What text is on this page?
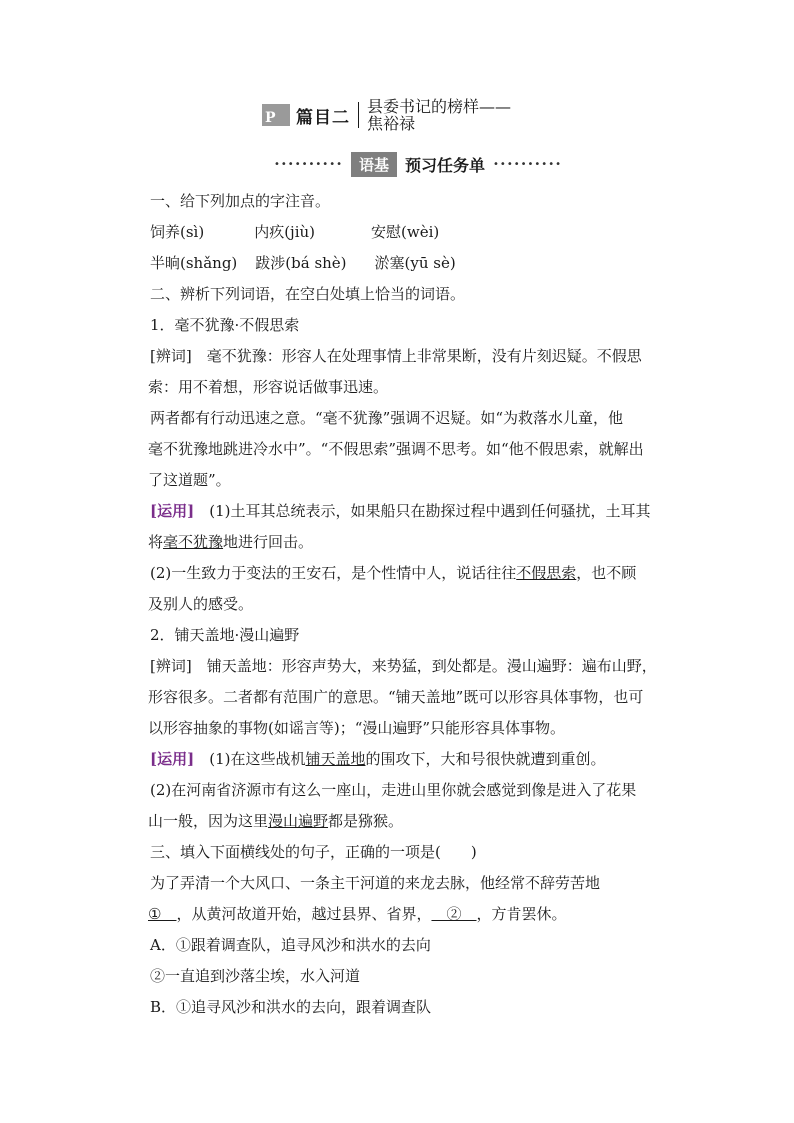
P 篇目二
县委书记的榜样——
焦裕禄
••••••••••	语基	预习任务单 ••••••••••
一、给下列加点的字注音。
饲养(sì)	内疚(jiù)	安慰(wèi)
半晌(shǎng) 跋涉(bá shè) 淤塞(yū sè)
二、辨析下列词语，在空白处填上恰当的词语。
1．毫不犹豫·不假思索
[辨词]　 毫不犹豫：形容人在处理事情上非常果断，没有片刻迟疑。不假思
索：用不着想，形容说话做事迅速。
两者都有行动迅速之意。“毫不犹豫”强调不迟疑。如“为救落水儿童，他
毫不犹豫地跳进冷水中”。“不假思索”强调不思考。如“他不假思索，就解出
了这道题”。
[运用]　 (1)土耳其总统表示，如果船只在勘探过程中遇到任何骚扰，土耳其
将毫不犹豫地进行回击。
(2)一生致力于变法的王安石，是个性情中人，说话往往不假思索，也不顾
及别人的感受。
2．铺天盖地·漫山遍野
[辨词]　 铺天盖地：形容声势大，来势猛，到处都是。漫山遍野：遍布山野，
形容很多。二者都有范围广的意思。“铺天盖地”既可以形容具体事物，也可
以形容抽象的事物(如谣言等)；“漫山遍野”只能形容具体事物。
[运用]　 (1)在这些战机铺天盖地的围攻下，大和号很快就遭到重创。
(2)在河南省济源市有这么一座山，走进山里你就会感觉到像是进入了花果
山一般，因为这里漫山遍野都是猕猴。
三、填入下面横线处的句子，正确的一项是(　　)
为了弄清一个大风口、一条主干河道的来龙去脉，他经常不辞劳苦地
①　，从黄河故道开始，越过县界、省界，　②　，方肯罢休。
A．①跟着调查队，追寻风沙和洪水的去向
②一直追到沙落尘埃，水入河道
B．①追寻风沙和洪水的去向，跟着调查队
